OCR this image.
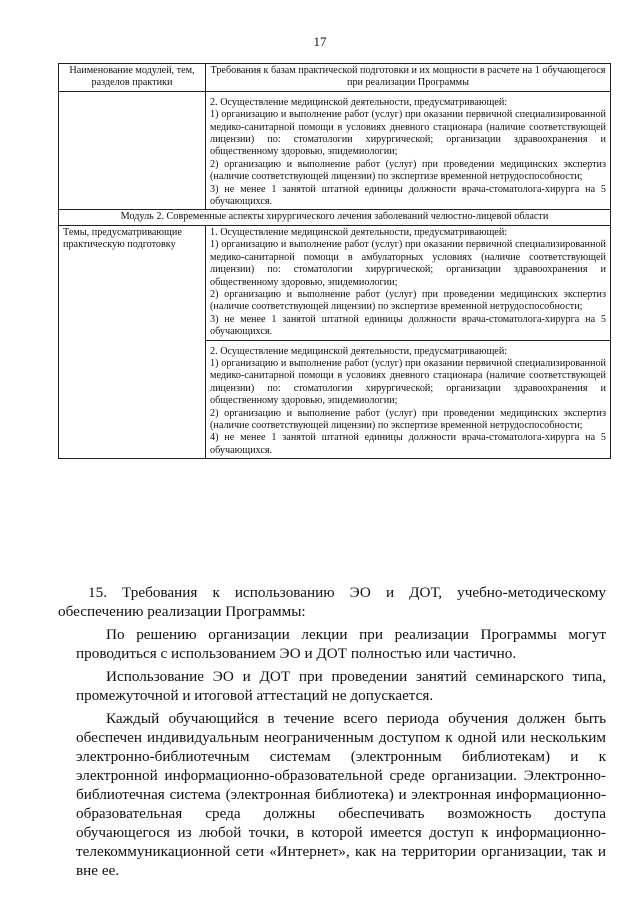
17
Наименование модулей, тем, разделов практики	Требования к базам практической подготовки и их мощности в расчете на 1 обучающегося при реализации Программы

	2. Осуществление медицинской деятельности, предусматривающей:

1) организацию и выполнение работ (услуг) при оказании первичной специализированной медико-санитарной помощи в условиях дневного стационара (наличие соответствующей лицензии) по: стоматологии хирургической; организации здравоохранения и общественному здоровью, эпидемиологии;

2) организацию и выполнение работ (услуг) при проведении медицинских экспертиз (наличие соответствующей лицензии) по экспертизе временной нетрудоспособности;

3) не менее 1 занятой штатной единицы должности врача-стоматолога-хирурга на 5 обучающихся.

Модуль 2. Современные аспекты хирургического лечения заболеваний челюстно-лицевой области	
Темы, предусматривающие практическую подготовку	1. Осуществление медицинской деятельности, предусматривающей:

1) организацию и выполнение работ (услуг) при оказании первичной специализированной медико-санитарной помощи в амбулаторных условиях (наличие соответствующей лицензии) по: стоматологии хирургической; организации здравоохранения и общественному здоровью, эпидемиологии;

2) организацию и выполнение работ (услуг) при проведении медицинских экспертиз (наличие соответствующей лицензии) по экспертизе временной нетрудоспособности;

3) не менее 1 занятой штатной единицы должности врача-стоматолога-хирурга на 5 обучающихся.

	2. Осуществление медицинской деятельности, предусматривающей:

1) организацию и выполнение работ (услуг) при оказании первичной специализированной медико-санитарной помощи в условиях дневного стационара (наличие соответствующей лицензии) по: стоматологии хирургической; организации здравоохранения и общественному здоровью, эпидемиологии;

2) организацию и выполнение работ (услуг) при проведении медицинских экспертиз (наличие соответствующей лицензии) по экспертизе временной нетрудоспособности;

4) не менее 1 занятой штатной единицы должности врача-стоматолога-хирурга на 5 обучающихся.

15. Требования к использованию ЭО и ДОТ, учебно-методическому обеспечению реализации Программы:

По решению организации лекции при реализации Программы могут проводиться с использованием ЭО и ДОТ полностью или частично.

Использование ЭО и ДОТ при проведении занятий семинарского типа, промежуточной и итоговой аттестаций не допускается.

Каждый обучающийся в течение всего периода обучения должен быть обеспечен индивидуальным неограниченным доступом к одной или нескольким электронно-библиотечным системам (электронным библиотекам) и к электронной информационно-образовательной среде организации. Электронно-библиотечная система (электронная библиотека) и электронная информационно-образовательная среда должны обеспечивать возможность доступа обучающегося из любой точки, в которой имеется доступ к информационно-телекоммуникационной сети «Интернет», как на территории организации, так и вне ее.
